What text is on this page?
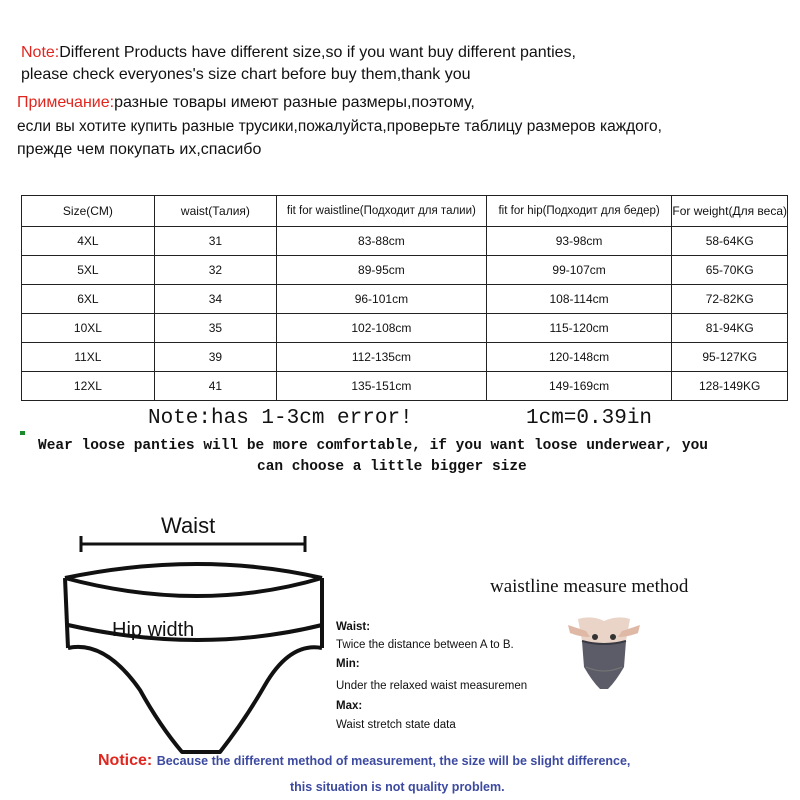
Note:Different Products have different size,so if you want buy different panties,
please check everyones's size chart before buy them,thank you
Примечание:разные товары имеют разные размеры,поэтому,
если вы хотите купить разные трусики,пожалуйста,проверьте таблицу размеров каждого,
прежде чем покупать их,спасибо
Size(CM)	waist(Талия)	fit for waistline(Подходит для талии)	fit for hip(Подходит для бедер)	For weight(Для веса)
4XL	31	83-88cm	93-98cm	58-64KG
5XL	32	89-95cm	99-107cm	65-70KG
6XL	34	96-101cm	108-114cm	72-82KG
10XL	35	102-108cm	115-120cm	81-94KG
11XL	39	112-135cm	120-148cm	95-127KG
12XL	41	135-151cm	149-169cm	128-149KG
Note:has 1-3cm error!	1cm=0.39in
Wear loose panties will be more comfortable, if you want loose underwear, you
can choose a little bigger size
Waist
Hip width	Waist:
Twice the distance between A to B.
Min:
Under the relaxed waist measuremen
Max:
Waist stretch state data
waistline measure method
Notice: Because the different method of measurement, the size will be slight difference,
this situation is not quality problem.
